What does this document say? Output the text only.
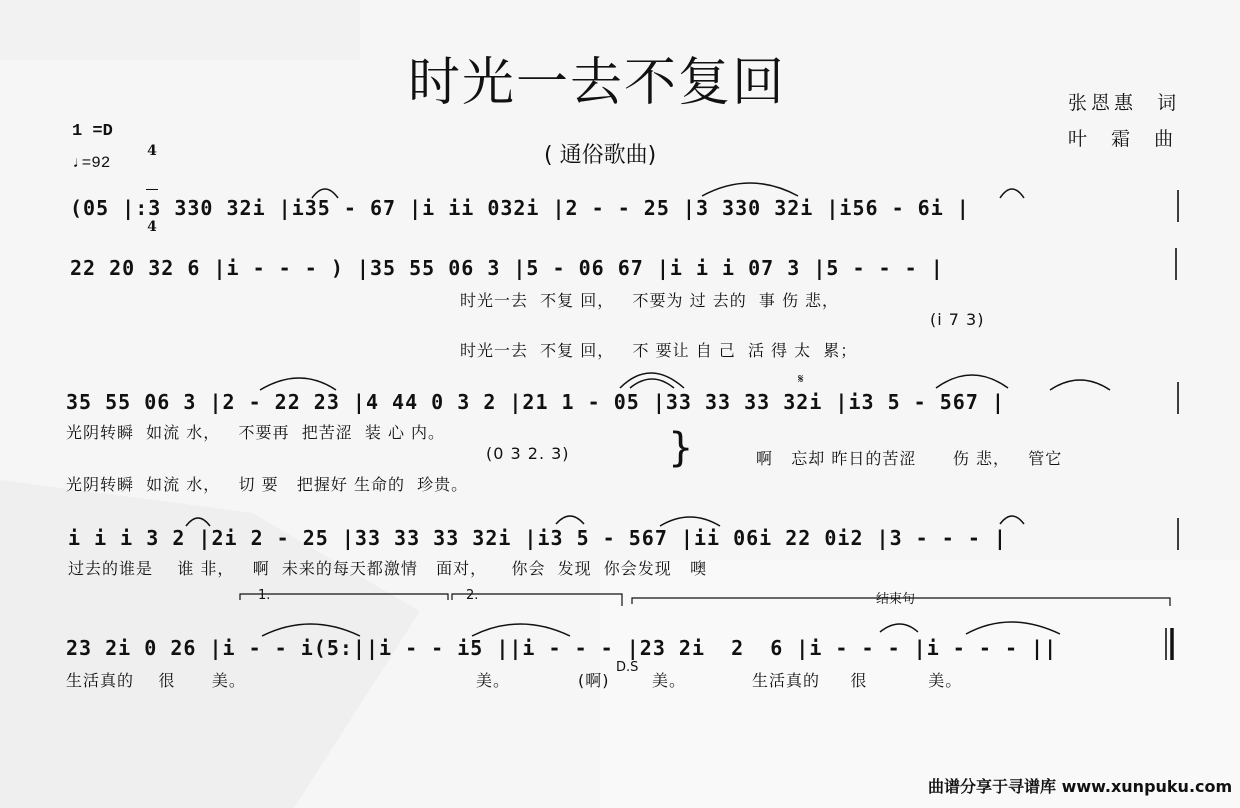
时光一去不复回
( 通俗歌曲)
张恩惠  词
叶  霜  曲
1 =D

4

4

♩=92
(05 |:3 330 32i |i35 - 67 |i ii 032i |2 - - 25 |3 330 32i |i56 - 6i |
22 20 32 6 |i - - - ) |35 55 06 3 |5 - 06 67 |i i i 07 3 |5 - - - |
时光一去  不复 回，   不要为 过 去的  事 伤 悲，
(i 7 3)
时光一去  不复 回，   不 要让 自 己  活 得 太  累；
35 55 06 3 |2 - 22 23 |4 44 0 3 2 |21 1 - 05 |33 33 33 32i |i3 5 - 567 |
𝄋
光阴转瞬  如流 水，   不要再  把苦涩  装 心 内。
(0 3 2. 3)
光阴转瞬  如流 水，   切 要   把握好 生命的  珍贵。
啊   忘却 昨日的苦涩      伤 悲，   管它
}
i i i 3 2 |2i 2 - 25 |33 33 33 32i |i3 5 - 567 |ii 06i 22 0i2 |3 - - - |
过去的谁是    谁 非，   啊  未来的每天都激情   面对，    你会  发现  你会发现   噢
1.	2.	结束句
23 2i 0 26 |i - - i(5:||i - - i5 ||i - - - |23 2i  2  6 |i - - - |i - - - ||
生活真的    很      美。	美。	(啊)
D.S
美。	生活真的     很          美。
曲谱分享于寻谱库 www.xunpuku.com
